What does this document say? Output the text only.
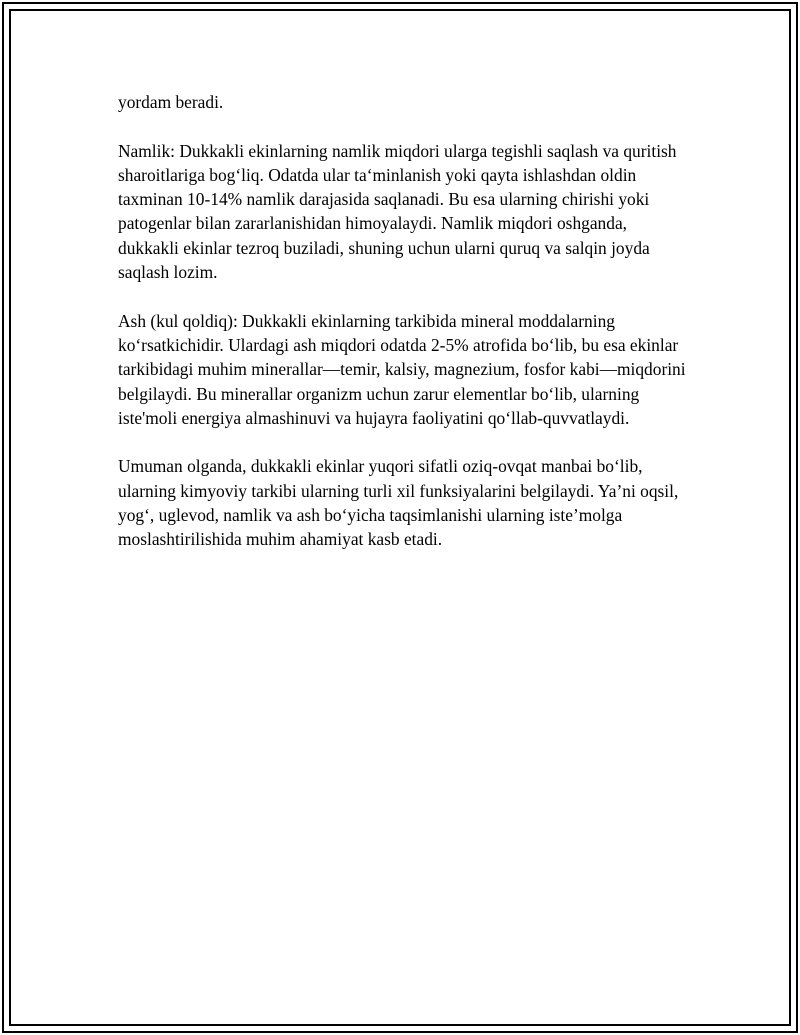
yordam beradi.

Namlik: Dukkakli ekinlarning namlik miqdori ularga tegishli saqlash va quritish sharoitlariga bog‘liq. Odatda ular ta‘minlanish yoki qayta ishlashdan oldin taxminan 10-14% namlik darajasida saqlanadi. Bu esa ularning chirishi yoki patogenlar bilan zararlanishidan himoyalaydi. Namlik miqdori oshganda, dukkakli ekinlar tezroq buziladi, shuning uchun ularni quruq va salqin joyda saqlash lozim.

Ash (kul qoldiq): Dukkakli ekinlarning tarkibida mineral moddalarning ko‘rsatkichidir. Ulardagi ash miqdori odatda 2-5% atrofida bo‘lib, bu esa ekinlar tarkibidagi muhim minerallar—temir, kalsiy, magnezium, fosfor kabi—miqdorini belgilaydi. Bu minerallar organizm uchun zarur elementlar bo‘lib, ularning iste'moli energiya almashinuvi va hujayra faoliyatini qo‘llab-quvvatlaydi.

Umuman olganda, dukkakli ekinlar yuqori sifatli oziq-ovqat manbai bo‘lib, ularning kimyoviy tarkibi ularning turli xil funksiyalarini belgilaydi. Ya’ni oqsil, yog‘, uglevod, namlik va ash bo‘yicha taqsimlanishi ularning iste’molga moslashtirilishida muhim ahamiyat kasb etadi.
